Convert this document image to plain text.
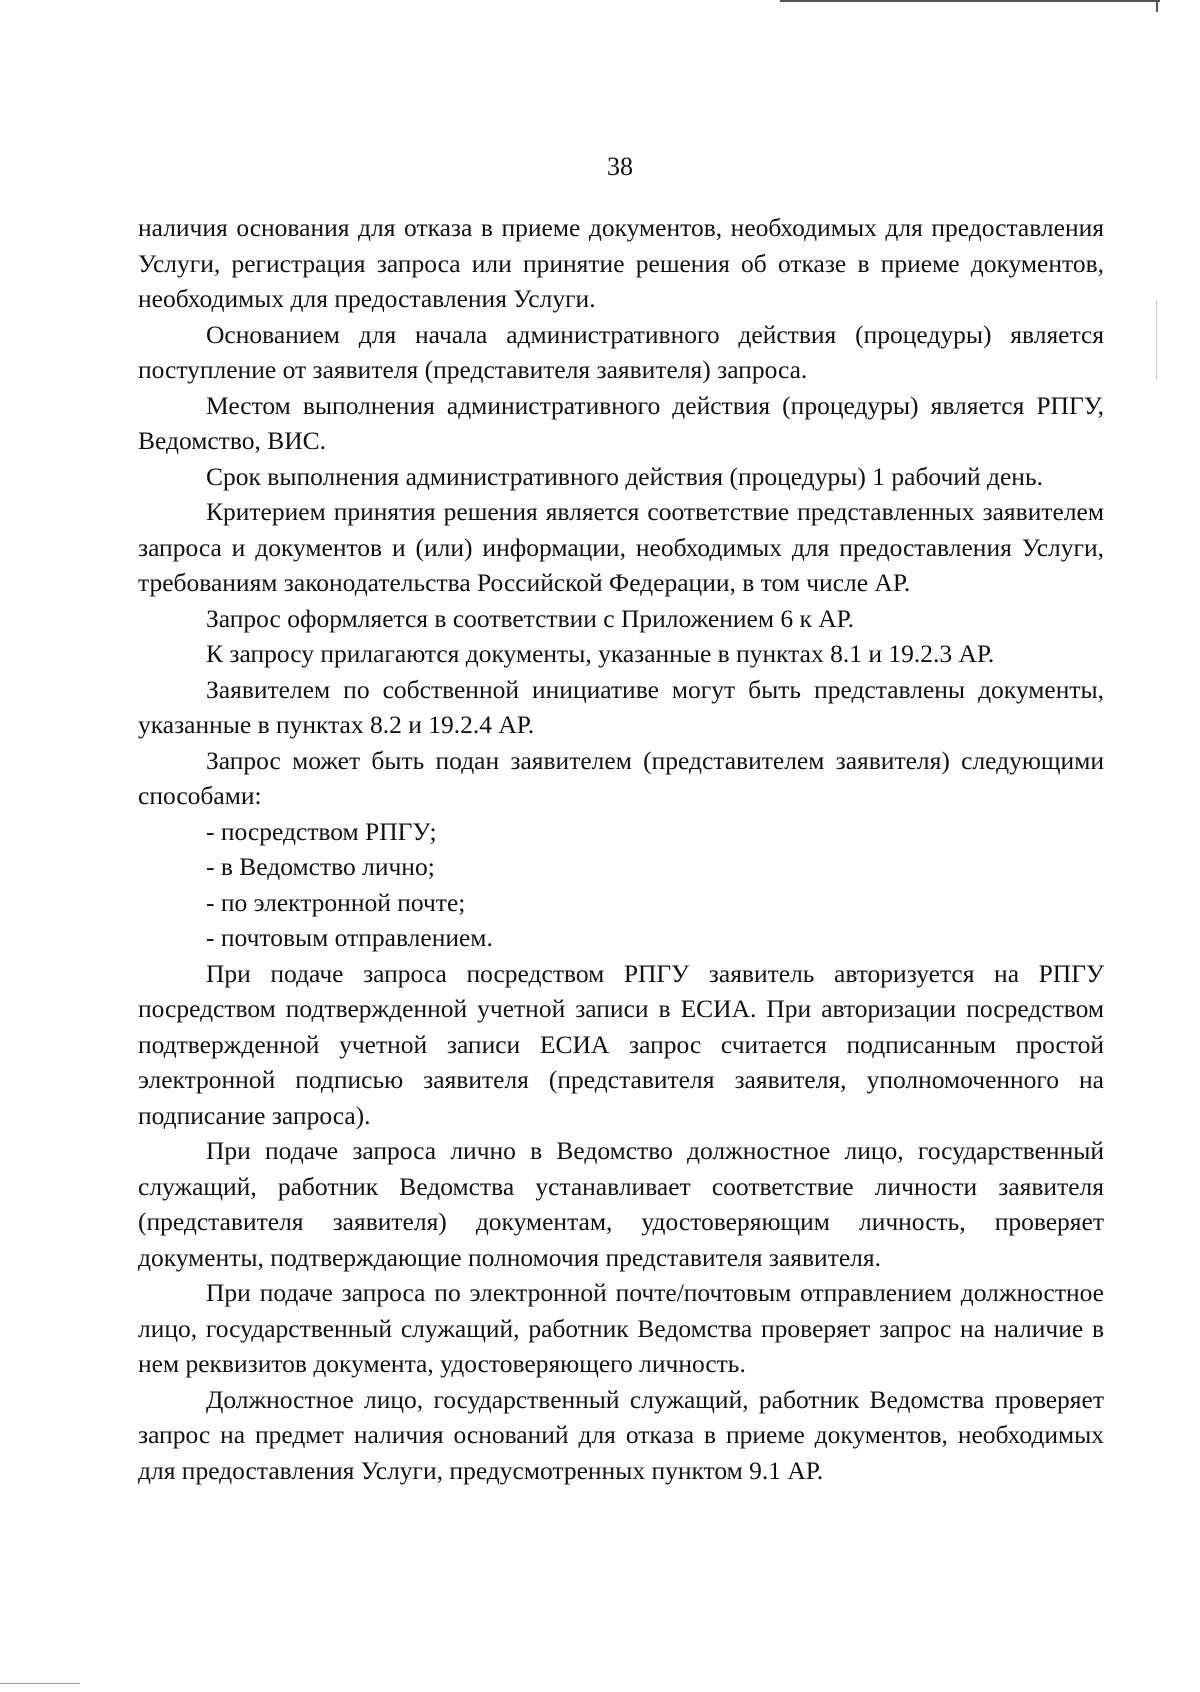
38

наличия основания для отказа в приеме документов, необходимых для предоставления Услуги, регистрация запроса или принятие решения об отказе в приеме документов, необходимых для предоставления Услуги.

Основанием для начала административного действия (процедуры) является поступление от заявителя (представителя заявителя) запроса.

Местом выполнения административного действия (процедуры) является РПГУ, Ведомство, ВИС.

Срок выполнения административного действия (процедуры) 1 рабочий день.

Критерием принятия решения является соответствие представленных заявителем запроса и документов и (или) информации, необходимых для предоставления Услуги, требованиям законодательства Российской Федерации, в том числе АР.

Запрос оформляется в соответствии с Приложением 6 к АР.

К запросу прилагаются документы, указанные в пунктах 8.1 и 19.2.3 АР.

Заявителем по собственной инициативе могут быть представлены документы, указанные в пунктах 8.2 и 19.2.4 АР.

Запрос может быть подан заявителем (представителем заявителя) следующими способами:

- посредством РПГУ;

- в Ведомство лично;

- по электронной почте;

- почтовым отправлением.

При подаче запроса посредством РПГУ заявитель авторизуется на РПГУ посредством подтвержденной учетной записи в ЕСИА. При авторизации посредством подтвержденной учетной записи ЕСИА запрос считается подписанным простой электронной подписью заявителя (представителя заявителя, уполномоченного на подписание запроса).

При подаче запроса лично в Ведомство должностное лицо, государственный служащий, работник Ведомства устанавливает соответствие личности заявителя (представителя заявителя) документам, удостоверяющим личность, проверяет документы, подтверждающие полномочия представителя заявителя.

При подаче запроса по электронной почте/почтовым отправлением должностное лицо, государственный служащий, работник Ведомства проверяет запрос на наличие в нем реквизитов документа, удостоверяющего личность.

Должностное лицо, государственный служащий, работник Ведомства проверяет запрос на предмет наличия оснований для отказа в приеме документов, необходимых для предоставления Услуги, предусмотренных пунктом 9.1 АР.
